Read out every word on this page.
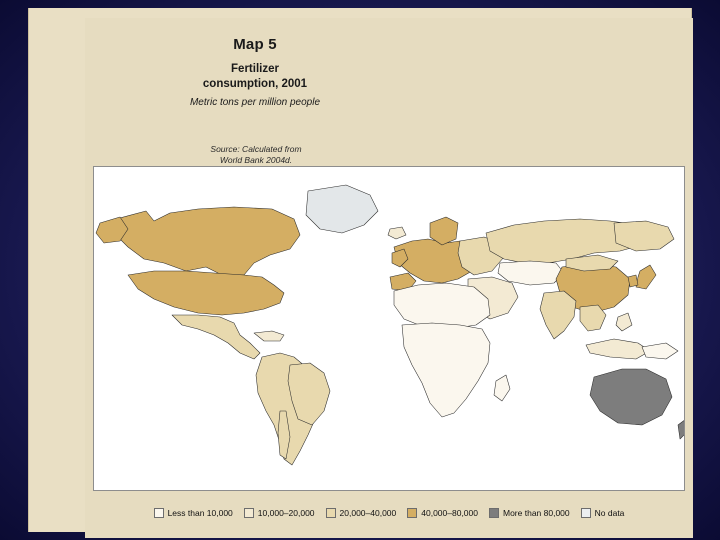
Map 5
Fertilizer
consumption, 2001
Metric tons per million people
Source: Calculated from
World Bank 2004d.
Less than 10,000	10,000–20,000	20,000–40,000	40,000–80,000	More than 80,000	No data
